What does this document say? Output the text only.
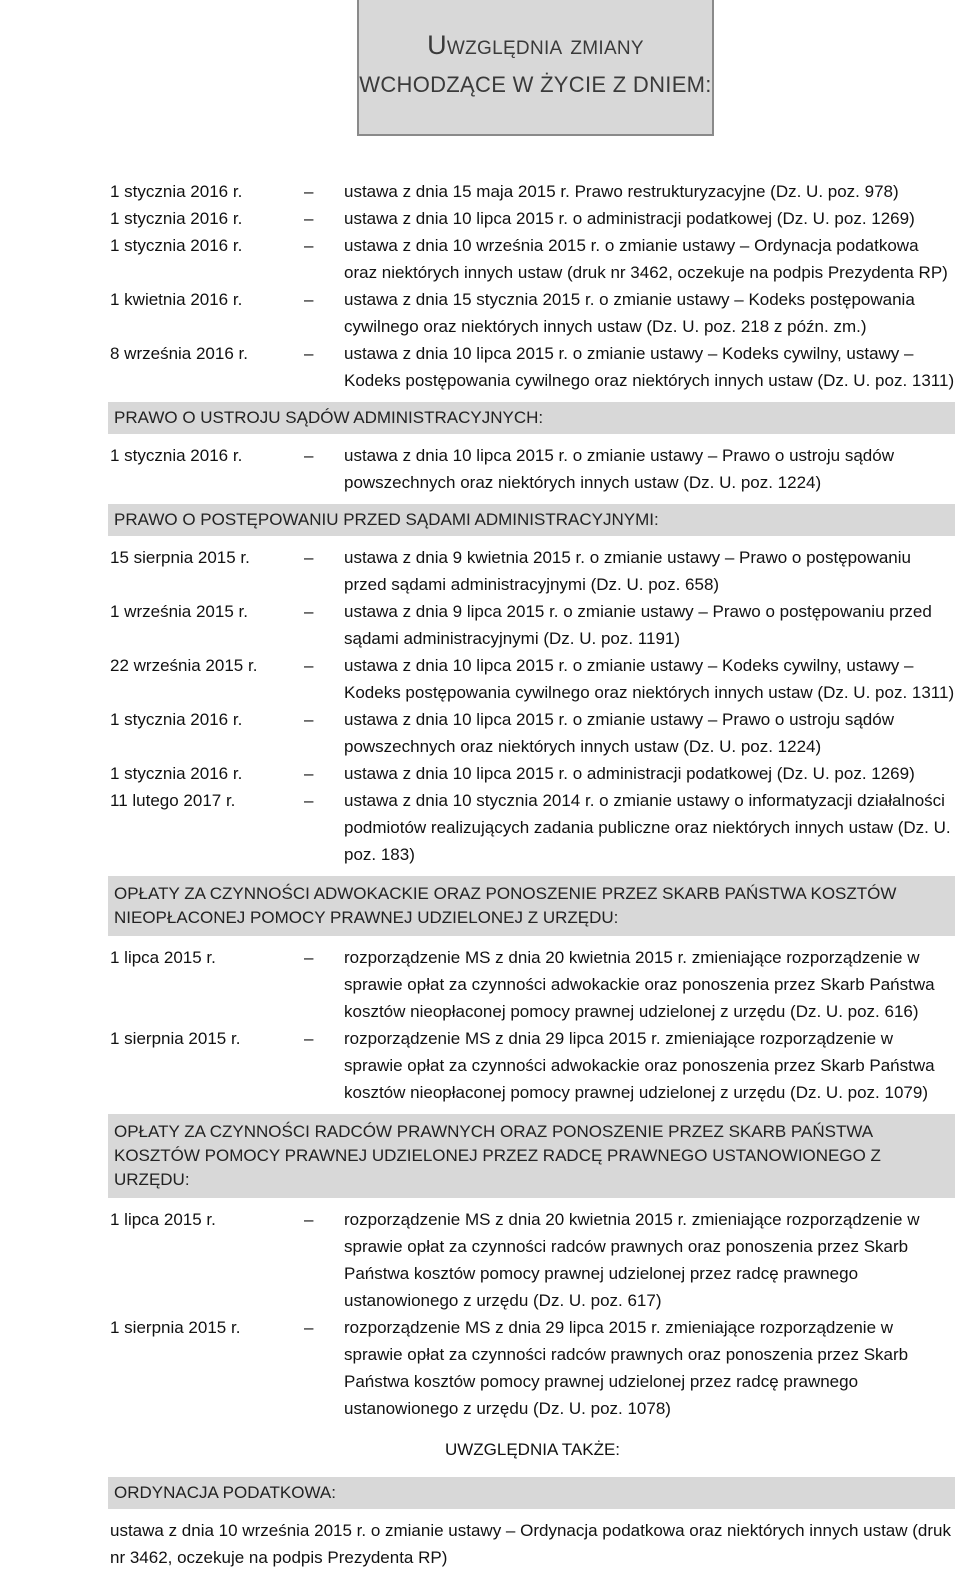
Uwzględnia zmiany
WCHODZĄCE W ŻYCIE Z DNIEM:
1 stycznia 2016 r.	–	ustawa z dnia 15 maja 2015 r. Prawo restrukturyzacyjne (Dz. U. poz. 978)
1 stycznia 2016 r.	–	ustawa z dnia 10 lipca 2015 r. o administracji podatkowej (Dz. U. poz. 1269)
1 stycznia 2016 r.	–	ustawa z dnia 10 września 2015 r. o zmianie ustawy – Ordynacja podatkowa oraz niektórych innych ustaw (druk nr 3462, oczekuje na podpis Prezydenta RP)
1 kwietnia 2016 r.	–	ustawa z dnia 15 stycznia 2015 r. o zmianie ustawy – Kodeks postępowania cywilnego oraz niektórych innych ustaw (Dz. U. poz. 218 z późn. zm.)
8 września 2016 r.	–	ustawa z dnia 10 lipca 2015 r. o zmianie ustawy – Kodeks cywilny, ustawy – Kodeks postępowania cywilnego oraz niektórych innych ustaw (Dz. U. poz. 1311)
PRAWO O USTROJU SĄDÓW ADMINISTRACYJNYCH:
1 stycznia 2016 r.	–	ustawa z dnia 10 lipca 2015 r. o zmianie ustawy – Prawo o ustroju sądów powszechnych oraz niektórych innych ustaw (Dz. U. poz. 1224)
PRAWO O POSTĘPOWANIU PRZED SĄDAMI ADMINISTRACYJNYMI:
15 sierpnia 2015 r.	–	ustawa z dnia 9 kwietnia 2015 r. o zmianie ustawy – Prawo o postępowaniu przed sądami administracyjnymi (Dz. U. poz. 658)
1 września 2015 r.	–	ustawa z dnia 9 lipca 2015 r. o zmianie ustawy – Prawo o postępowaniu przed sądami administracyjnymi (Dz. U. poz. 1191)
22 września 2015 r.	–	ustawa z dnia 10 lipca 2015 r. o zmianie ustawy – Kodeks cywilny, ustawy – Kodeks postępowania cywilnego oraz niektórych innych ustaw (Dz. U. poz. 1311)
1 stycznia 2016 r.	–	ustawa z dnia 10 lipca 2015 r. o zmianie ustawy – Prawo o ustroju sądów powszechnych oraz niektórych innych ustaw (Dz. U. poz. 1224)
1 stycznia 2016 r.	–	ustawa z dnia 10 lipca 2015 r. o administracji podatkowej (Dz. U. poz. 1269)
11 lutego 2017 r.	–	ustawa z dnia 10 stycznia 2014 r. o zmianie ustawy o informatyzacji działalności podmiotów realizujących zadania publiczne oraz niektórych innych ustaw (Dz. U. poz. 183)
OPŁATY ZA CZYNNOŚCI ADWOKACKIE ORAZ PONOSZENIE PRZEZ SKARB PAŃSTWA KOSZTÓW NIEOPŁACONEJ POMOCY PRAWNEJ UDZIELONEJ Z URZĘDU:
1 lipca 2015 r.	–	rozporządzenie MS z dnia 20 kwietnia 2015 r. zmieniające rozporządzenie w sprawie opłat za czynności adwokackie oraz ponoszenia przez Skarb Państwa kosztów nieopłaconej pomocy prawnej udzielonej z urzędu (Dz. U. poz. 616)
1 sierpnia 2015 r.	–	rozporządzenie MS z dnia 29 lipca 2015 r. zmieniające rozporządzenie w sprawie opłat za czynności adwokackie oraz ponoszenia przez Skarb Państwa kosztów nieopłaconej pomocy prawnej udzielonej z urzędu (Dz. U. poz. 1079)
OPŁATY ZA CZYNNOŚCI RADCÓW PRAWNYCH ORAZ PONOSZENIE PRZEZ SKARB PAŃSTWA KOSZTÓW POMOCY PRAWNEJ UDZIELONEJ PRZEZ RADCĘ PRAWNEGO USTANOWIONEGO Z URZĘDU:
1 lipca 2015 r.	–	rozporządzenie MS z dnia 20 kwietnia 2015 r. zmieniające rozporządzenie w sprawie opłat za czynności radców prawnych oraz ponoszenia przez Skarb Państwa kosztów pomocy prawnej udzielonej przez radcę prawnego ustanowionego z urzędu (Dz. U. poz. 617)
1 sierpnia 2015 r.	–	rozporządzenie MS z dnia 29 lipca 2015 r. zmieniające rozporządzenie w sprawie opłat za czynności radców prawnych oraz ponoszenia przez Skarb Państwa kosztów pomocy prawnej udzielonej przez radcę prawnego ustanowionego z urzędu (Dz. U. poz. 1078)
UWZGLĘDNIA TAKŻE:
ORDYNACJA PODATKOWA:
ustawa z dnia 10 września 2015 r. o zmianie ustawy – Ordynacja podatkowa oraz niektórych innych ustaw (druk nr 3462, oczekuje na podpis Prezydenta RP)
